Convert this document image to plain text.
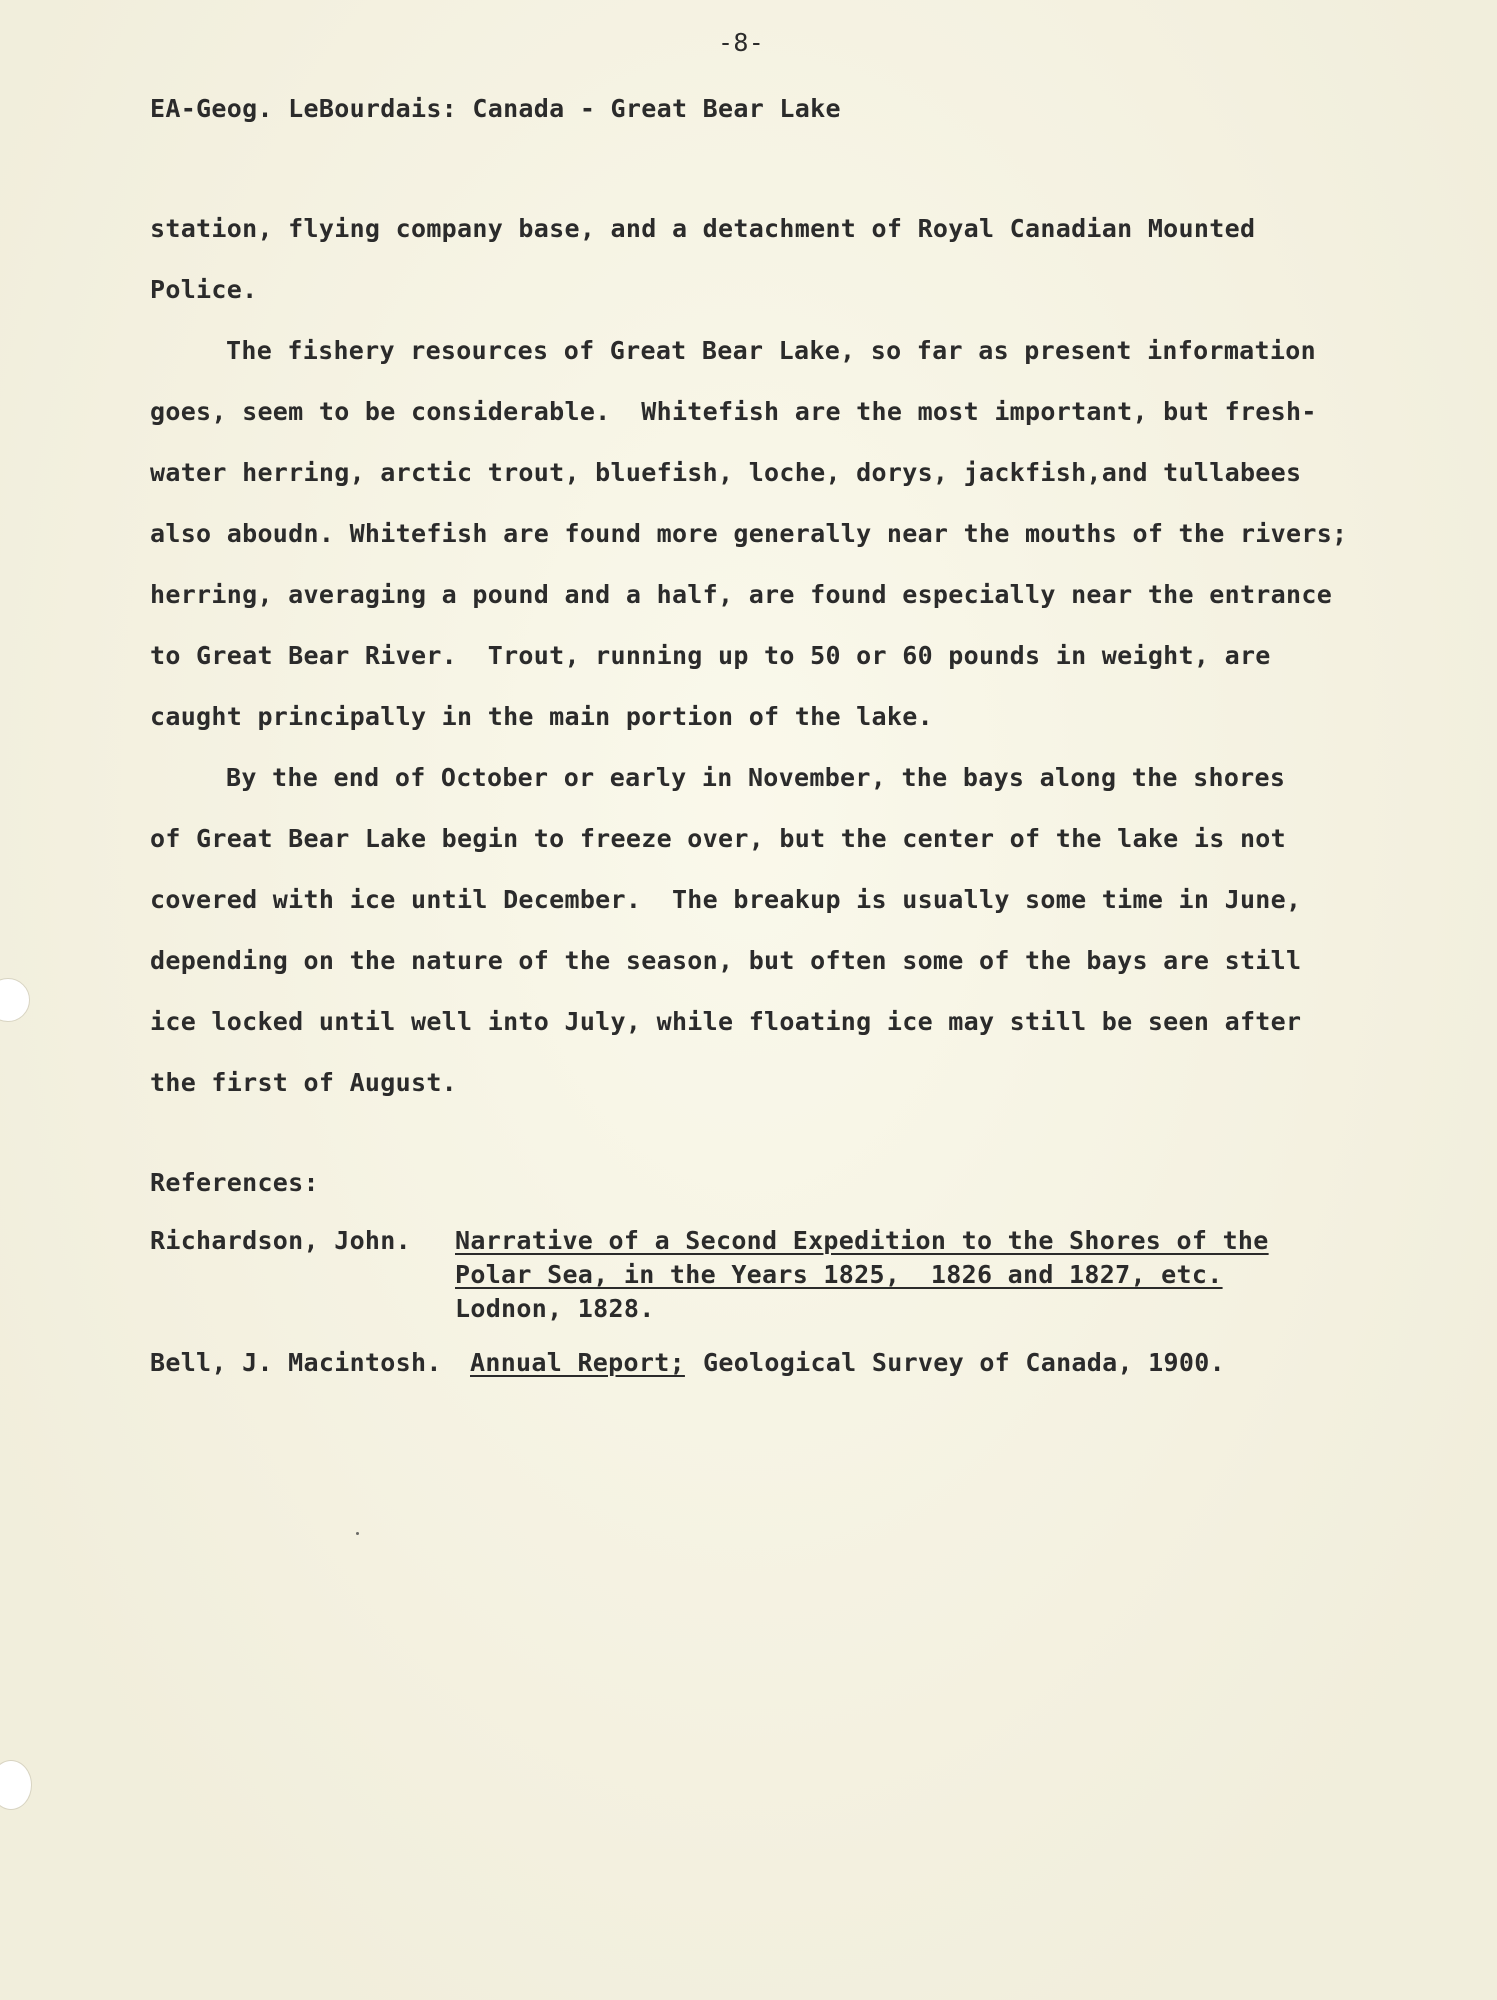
-8-
EA-Geog. LeBourdais: Canada - Great Bear Lake
station, flying company base, and a detachment of Royal Canadian Mounted
Police.
The fishery resources of Great Bear Lake, so far as present information
goes, seem to be considerable.  Whitefish are the most important, but fresh-
water herring, arctic trout, bluefish, loche, dorys, jackfish,and tullabees
also aboudn. Whitefish are found more generally near the mouths of the rivers;
herring, averaging a pound and a half, are found especially near the entrance
to Great Bear River.  Trout, running up to 50 or 60 pounds in weight, are
caught principally in the main portion of the lake.
By the end of October or early in November, the bays along the shores
of Great Bear Lake begin to freeze over, but the center of the lake is not
covered with ice until December.  The breakup is usually some time in June,
depending on the nature of the season, but often some of the bays are still
ice locked until well into July, while floating ice may still be seen after
the first of August.
References:
Richardson, John. Narrative of a Second Expedition to the Shores of the
Polar Sea, in the Years 1825,  1826 and 1827, etc.
Lodnon, 1828.
Bell, J. Macintosh. Annual Report; Geological Survey of Canada, 1900.
